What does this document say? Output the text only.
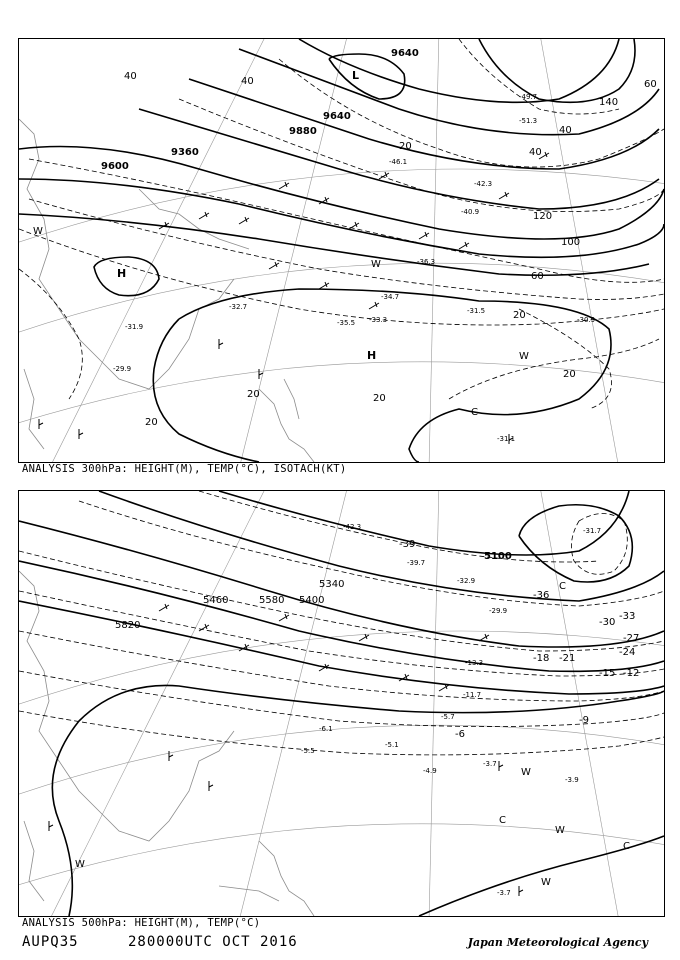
9640
9880
9640
9360
9600
L
H
H
W
W
W
C
40
40
20
60
140
40
40
120
100
60
20
20
20	20
20
-31.5
-33.3
-35.5
-34.7
-31.1
-30.9
-31.9
-29.9
-32.7
-40.9
-42.3
-46.1
-49.7
-51.3
-36.3
ANALYSIS 300hPa: HEIGHT(M), TEMP(°C), ISOTACH(KT)
5100
5340
5400
5580
5460
5820
C
C
C
W
W
W
W
-36
-39
-30
-33
-24
-27
-18 -21
-12
-15
-9
-6
-42.3
-39.7
-32.9
-29.9
-31.7
-13.3
-11.7
-5.1
-4.9
-3.7
-3.9
-5.5
-6.1
-5.7
-3.7
ANALYSIS 500hPa: HEIGHT(M), TEMP(°C)
AUPQ35	280000UTC OCT 2016	Japan Meteorological Agency
